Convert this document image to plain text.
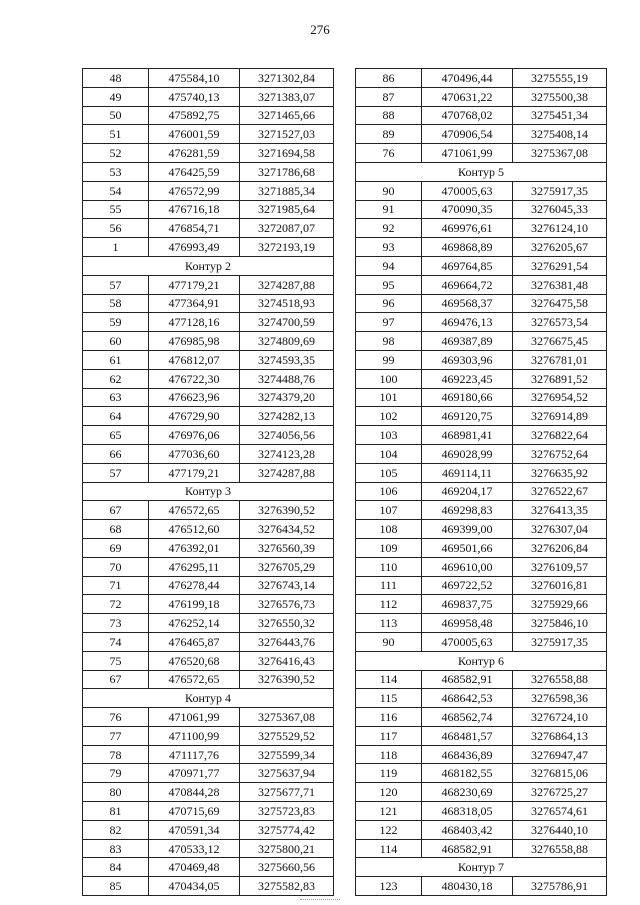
276
48	475584,10	3271302,84
49	475740,13	3271383,07
50	475892,75	3271465,66
51	476001,59	3271527,03
52	476281,59	3271694,58
53	476425,59	3271786,68
54	476572,99	3271885,34
55	476716,18	3271985,64
56	476854,71	3272087,07
1	476993,49	3272193,19
Контур 2		
57	477179,21	3274287,88
58	477364,91	3274518,93
59	477128,16	3274700,59
60	476985,98	3274809,69
61	476812,07	3274593,35
62	476722,30	3274488,76
63	476623,96	3274379,20
64	476729,90	3274282,13
65	476976,06	3274056,56
66	477036,60	3274123,28
57	477179,21	3274287,88
Контур 3		
67	476572,65	3276390,52
68	476512,60	3276434,52
69	476392,01	3276560,39
70	476295,11	3276705,29
71	476278,44	3276743,14
72	476199,18	3276576,73
73	476252,14	3276550,32
74	476465,87	3276443,76
75	476520,68	3276416,43
67	476572,65	3276390,52
Контур 4		
76	471061,99	3275367,08
77	471100,99	3275529,52
78	471117,76	3275599,34
79	470971,77	3275637,94
80	470844,28	3275677,71
81	470715,69	3275723,83
82	470591,34	3275774,42
83	470533,12	3275800,21
84	470469,48	3275660,56
85	470434,05	3275582,83
86	470496,44	3275555,19
87	470631,22	3275500,38
88	470768,02	3275451,34
89	470906,54	3275408,14
76	471061,99	3275367,08
Контур 5		
90	470005,63	3275917,35
91	470090,35	3276045,33
92	469976,61	3276124,10
93	469868,89	3276205,67
94	469764,85	3276291,54
95	469664,72	3276381,48
96	469568,37	3276475,58
97	469476,13	3276573,54
98	469387,89	3276675,45
99	469303,96	3276781,01
100	469223,45	3276891,52
101	469180,66	3276954,52
102	469120,75	3276914,89
103	468981,41	3276822,64
104	469028,99	3276752,64
105	469114,11	3276635,92
106	469204,17	3276522,67
107	469298,83	3276413,35
108	469399,00	3276307,04
109	469501,66	3276206,84
110	469610,00	3276109,57
111	469722,52	3276016,81
112	469837,75	3275929,66
113	469958,48	3275846,10
90	470005,63	3275917,35
Контур 6		
114	468582,91	3276558,88
115	468642,53	3276598,36
116	468562,74	3276724,10
117	468481,57	3276864,13
118	468436,89	3276947,47
119	468182,55	3276815,06
120	468230,69	3276725,27
121	468318,05	3276574,61
122	468403,42	3276440,10
114	468582,91	3276558,88
Контур 7		
123	480430,18	3275786,91
